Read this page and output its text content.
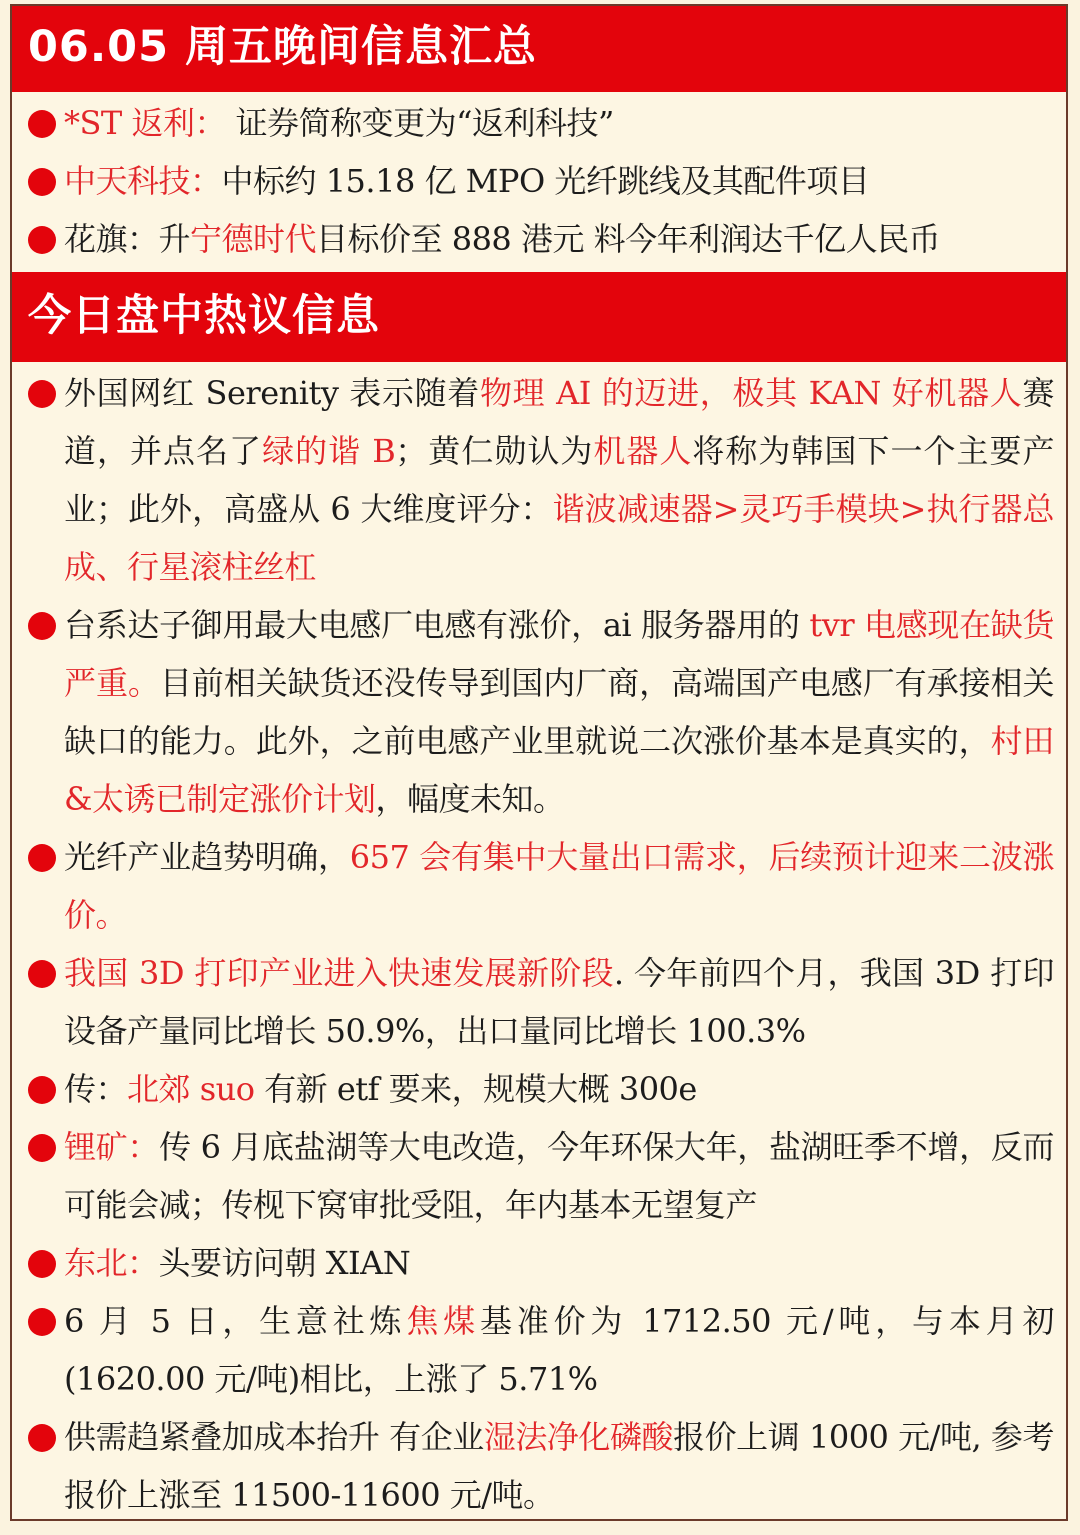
06.05 周五晚间信息汇总
*ST 返利： 证券简称变更为“返利科技”
中天科技：中标约 15.18 亿 MPO 光纤跳线及其配件项目
花旗：升宁德时代目标价至 888 港元 料今年利润达千亿人民币
今日盘中热议信息
外国网红 Serenity 表示随着物理 AI 的迈进，极其 KAN 好机器人赛道，并点名了绿的谐 B；黄仁勋认为机器人将称为韩国下一个主要产业；此外，高盛从 6 大维度评分：谐波减速器>灵巧手模块>执行器总成、行星滚柱丝杠
台系达子御用最大电感厂电感有涨价，ai 服务器用的 tvr 电感现在缺货严重。目前相关缺货还没传导到国内厂商，高端国产电感厂有承接相关缺口的能力。此外，之前电感产业里就说二次涨价基本是真实的，村田&太诱已制定涨价计划，幅度未知。
光纤产业趋势明确，657 会有集中大量出口需求，后续预计迎来二波涨价。
我国 3D 打印产业进入快速发展新阶段. 今年前四个月，我国 3D 打印设备产量同比增长 50.9%，出口量同比增长 100.3%
传：北郊 suo 有新 etf 要来，规模大概 300e
锂矿：传 6 月底盐湖等大电改造，今年环保大年，盐湖旺季不增，反而可能会减；传枧下窝审批受阻，年内基本无望复产
东北：头要访问朝 XIAN
6 月 5 日，生意社炼焦煤基准价为 1712.50 元/吨，与本月初(1620.00 元/吨)相比，上涨了 5.71%
供需趋紧叠加成本抬升 有企业湿法净化磷酸报价上调 1000 元/吨, 参考报价上涨至 11500-11600 元/吨。
